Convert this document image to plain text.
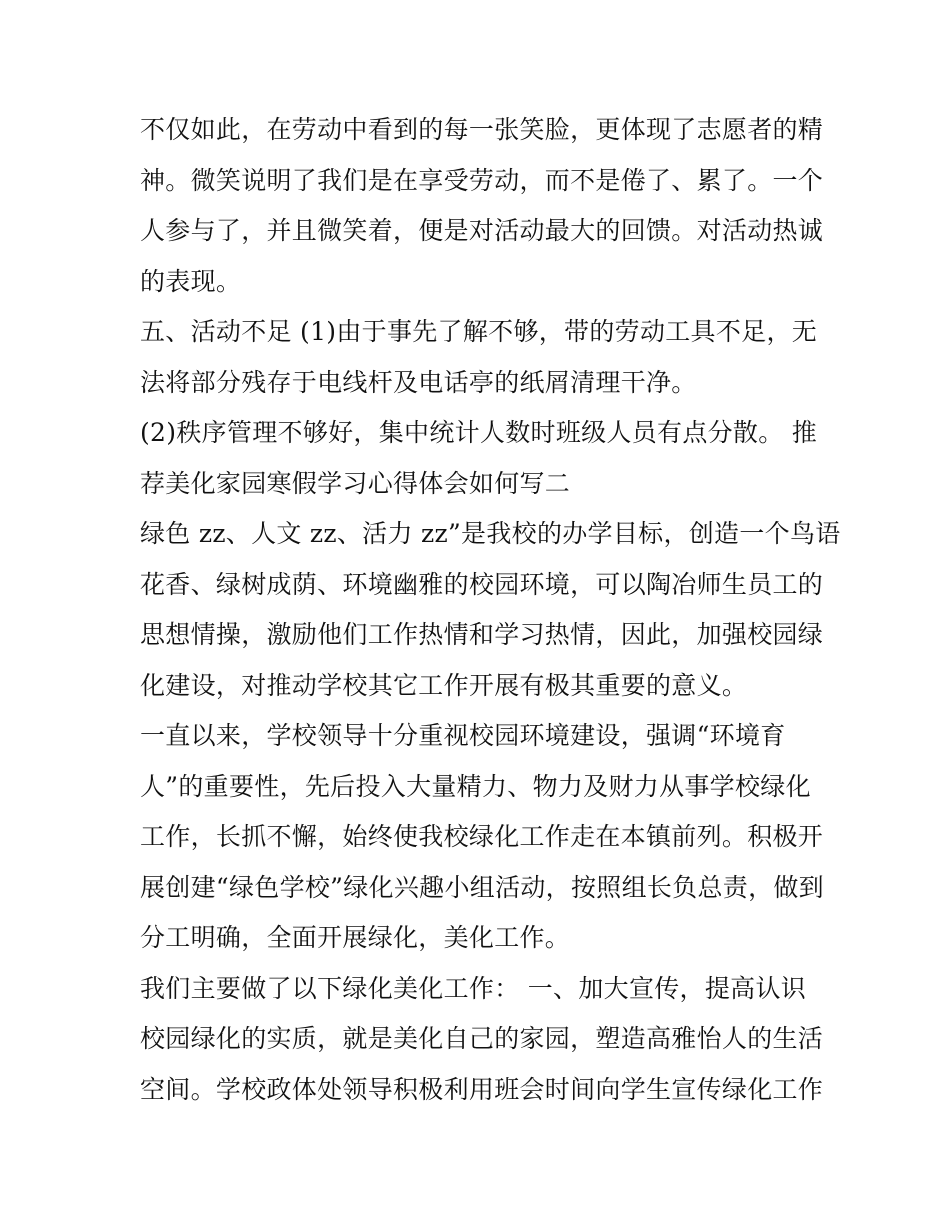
不仅如此，在劳动中看到的每一张笑脸，更体现了志愿者的精
神。微笑说明了我们是在享受劳动，而不是倦了、累了。一个
人参与了，并且微笑着，便是对活动最大的回馈。对活动热诚
的表现。
五、活动不足 (1)由于事先了解不够，带的劳动工具不足，无
法将部分残存于电线杆及电话亭的纸屑清理干净。
(2)秩序管理不够好，集中统计人数时班级人员有点分散。 推
荐美化家园寒假学习心得体会如何写二
绿色 zz、人文 zz、活力 zz”是我校的办学目标，创造一个鸟语
花香、绿树成荫、环境幽雅的校园环境，可以陶冶师生员工的
思想情操，激励他们工作热情和学习热情，因此，加强校园绿
化建设，对推动学校其它工作开展有极其重要的意义。
一直以来，学校领导十分重视校园环境建设，强调“环境育
人”的重要性，先后投入大量精力、物力及财力从事学校绿化
工作，长抓不懈，始终使我校绿化工作走在本镇前列。积极开
展创建“绿色学校”绿化兴趣小组活动，按照组长负总责，做到
分工明确，全面开展绿化，美化工作。
我们主要做了以下绿化美化工作： 一、加大宣传，提高认识
校园绿化的实质，就是美化自己的家园，塑造高雅怡人的生活
空间。学校政体处领导积极利用班会时间向学生宣传绿化工作
